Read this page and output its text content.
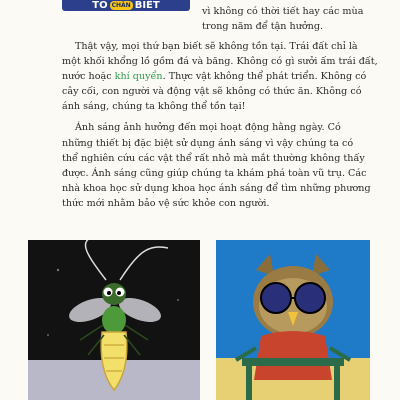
TÒ CHÂN BIẾT
vì không có thời tiết hay các mùa
trong năm để tận hưởng.
Thật vậy, mọi thứ bạn biết sẽ không tồn tại. Trái đất chỉ là
một khối khổng lồ gồm đá và băng. Không có gì sưởi ấm trái đất,
nước hoặc khí quyển. Thực vật không thể phát triển. Không có
cây cối, con người và động vật sẽ không có thức ăn. Không có
ánh sáng, chúng ta không thể tồn tại!
Ánh sáng ảnh hưởng đến mọi hoạt động hằng ngày. Có
những thiết bị đặc biệt sử dụng ánh sáng vì vậy chúng ta có
thể nghiên cứu các vật thể rất nhỏ mà mắt thường không thấy
được. Ánh sáng cũng giúp chúng ta khám phá toàn vũ trụ. Các
nhà khoa học sử dụng khoa học ánh sáng để tìm những phương
thức mới nhằm bảo vệ sức khỏe con người.
